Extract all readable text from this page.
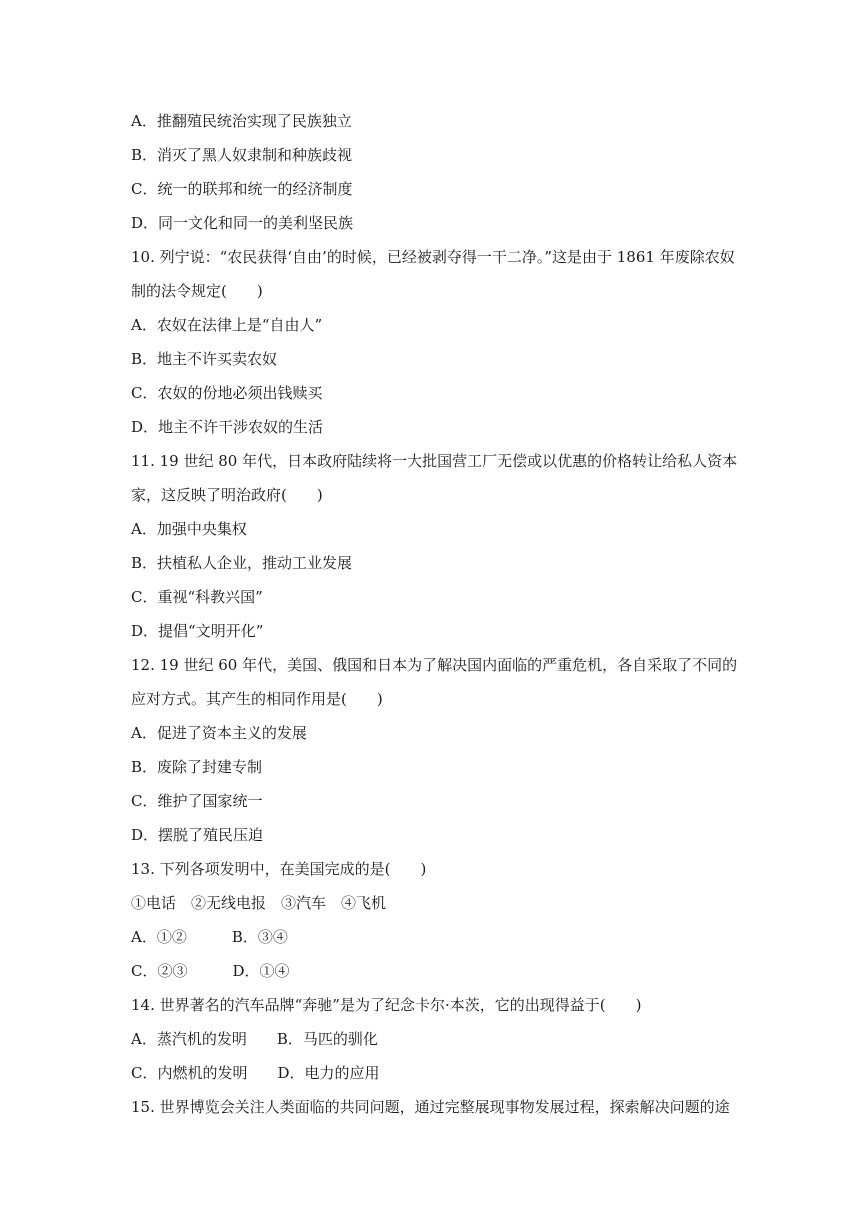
A．推翻殖民统治实现了民族独立
B．消灭了黑人奴隶制和种族歧视
C．统一的联邦和统一的经济制度
D．同一文化和同一的美利坚民族
10. 列宁说：“农民获得‘自由’的时候，已经被剥夺得一干二净。”这是由于 1861 年废除农奴
制的法令规定(　　)
A．农奴在法律上是“自由人”
B．地主不许买卖农奴
C．农奴的份地必须出钱赎买
D．地主不许干涉农奴的生活
11. 19 世纪 80 年代，日本政府陆续将一大批国营工厂无偿或以优惠的价格转让给私人资本
家，这反映了明治政府(　　)
A．加强中央集权
B．扶植私人企业，推动工业发展
C．重视“科教兴国”
D．提倡“文明开化”
12. 19 世纪 60 年代，美国、俄国和日本为了解决国内面临的严重危机，各自采取了不同的
应对方式。其产生的相同作用是(　　)
A．促进了资本主义的发展
B．废除了封建专制
C．维护了国家统一
D．摆脱了殖民压迫
13. 下列各项发明中，在美国完成的是(　　)
①电话　②无线电报　③汽车　④飞机
A．①②　　　B．③④
C．②③　　　D．①④
14. 世界著名的汽车品牌“奔驰”是为了纪念卡尔·本茨，它的出现得益于(　　)
A．蒸汽机的发明　　B．马匹的驯化
C．内燃机的发明　　D．电力的应用
15. 世界博览会关注人类面临的共同问题，通过完整展现事物发展过程，探索解决问题的途
